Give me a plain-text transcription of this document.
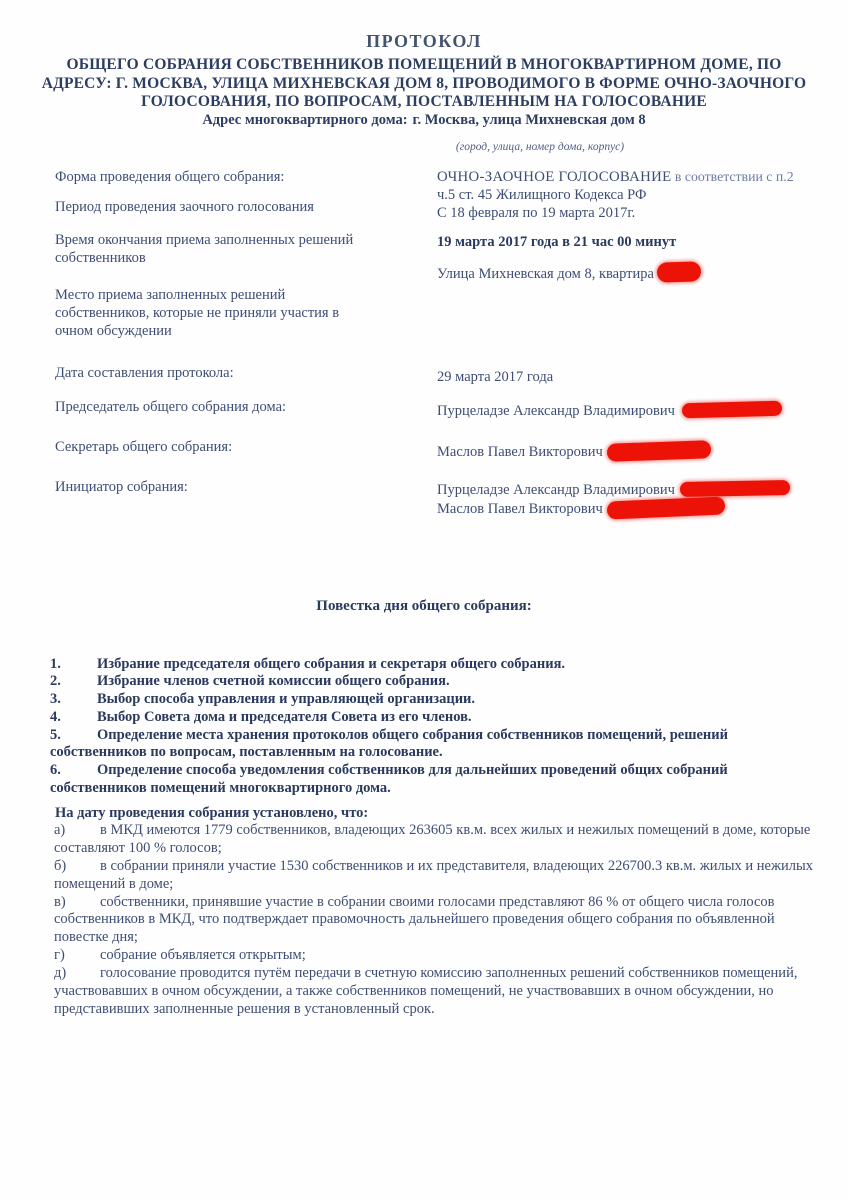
ПРОТОКОЛ
ОБЩЕГО СОБРАНИЯ СОБСТВЕННИКОВ ПОМЕЩЕНИЙ В МНОГОКВАРТИРНОМ ДОМЕ, ПО
АДРЕСУ: Г. МОСКВА, УЛИЦА МИХНЕВСКАЯ ДОМ 8, ПРОВОДИМОГО В ФОРМЕ ОЧНО-ЗАОЧНОГО
ГОЛОСОВАНИЯ, ПО ВОПРОСАМ, ПОСТАВЛЕННЫМ НА ГОЛОСОВАНИЕ
Адрес многоквартирного дома: г. Москва, улица Михневская дом 8
(город, улица, номер дома, корпус)
Форма проведения общего собрания:
Период проведения заочного голосования
Время окончания приема заполненных решений
собственников
Место приема заполненных решений
собственников, которые не приняли участия в
очном обсуждении
Дата составления протокола:
Председатель общего собрания дома:
Секретарь общего собрания:
Инициатор собрания:
ОЧНО-ЗАОЧНОЕ ГОЛОСОВАНИЕ в соответствии с п.2
ч.5 ст. 45 Жилищного Кодекса РФ
С 18 февраля по 19 марта 2017г.
19 марта 2017 года в 21 час 00 минут
Улица Михневская дом 8, квартира
29 марта 2017 года
Пурцеладзе Александр Владимирович
Маслов Павел Викторович
Пурцеладзе Александр Владимирович
Маслов Павел Викторович
Повестка дня общего собрания:

1. Избрание председателя общего собрания и секретаря общего собрания.

2. Избрание членов счетной комиссии общего собрания.

3. Выбор способа управления и управляющей организации.

4. Выбор Совета дома и председателя Совета из его членов.

5. Определение места хранения протоколов общего собрания собственников помещений, решений собственников по вопросам, поставленным на голосование.

6. Определение способа уведомления собственников для дальнейших проведений общих собраний собственников помещений многоквартирного дома.

На дату проведения собрания установлено, что:

а) в МКД имеются 1779 собственников, владеющих 263605 кв.м. всех жилых и нежилых помещений в доме, которые составляют 100 % голосов;

б) в собрании приняли участие 1530 собственников и их представителя, владеющих 226700.3 кв.м. жилых и нежилых помещений в доме;

в) собственники, принявшие участие в собрании своими голосами представляют 86 % от общего числа голосов собственников в МКД, что подтверждает правомочность дальнейшего проведения общего собрания по объявленной повестке дня;

г) собрание объявляется открытым;

д) голосование проводится путём передачи в счетную комиссию заполненных решений собственников помещений, участвовавших в очном обсуждении, а также собственников помещений, не участвовавших в очном обсуждении, но представивших заполненные решения в установленный срок.
